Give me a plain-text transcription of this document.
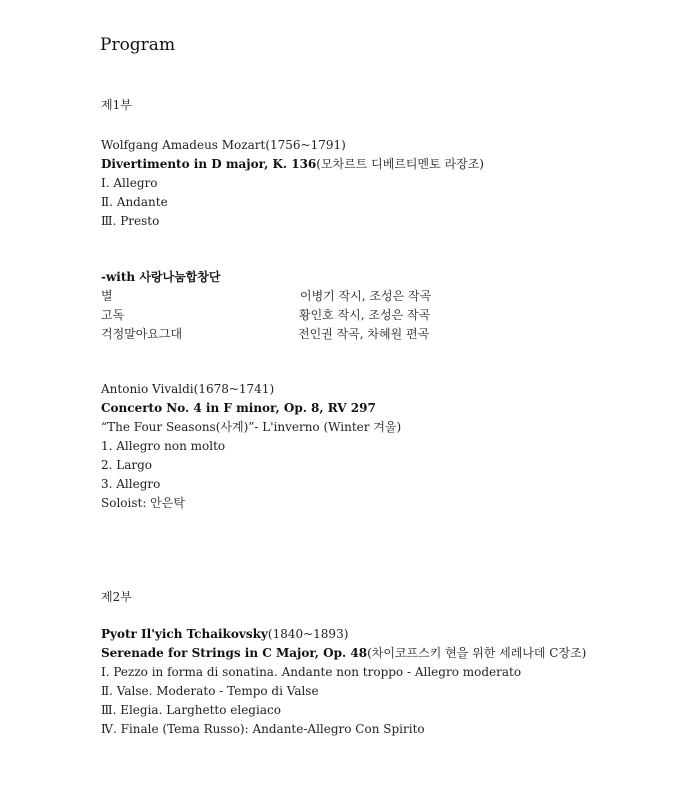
Program
제1부
Wolfgang Amadeus Mozart(1756~1791)
Divertimento in D major, K. 136(모차르트 디베르티멘토 라장조)
Ⅰ. Allegro
Ⅱ. Andante
Ⅲ. Presto
-with 사랑나눔합창단
별	이병기 작시, 조성은 작곡
고독	황인호 작시, 조성은 작곡
걱정말아요그대	전인권 작곡, 차혜원 편곡
Antonio Vivaldi(1678~1741)
Concerto No. 4 in F minor, Op. 8, RV 297
“The Four Seasons(사계)”- L'inverno (Winter 겨울)
1. Allegro non molto
2. Largo
3. Allegro
Soloist: 안은탁
제2부
Pyotr Il'yich Tchaikovsky(1840~1893)
Serenade for Strings in C Major, Op. 48(차이코프스키 현을 위한 세레나데 C장조)
Ⅰ. Pezzo in forma di sonatina. Andante non troppo - Allegro moderato
Ⅱ. Valse. Moderato - Tempo di Valse
Ⅲ. Elegia. Larghetto elegiaco
Ⅳ. Finale (Tema Russo): Andante-Allegro Con Spirito
